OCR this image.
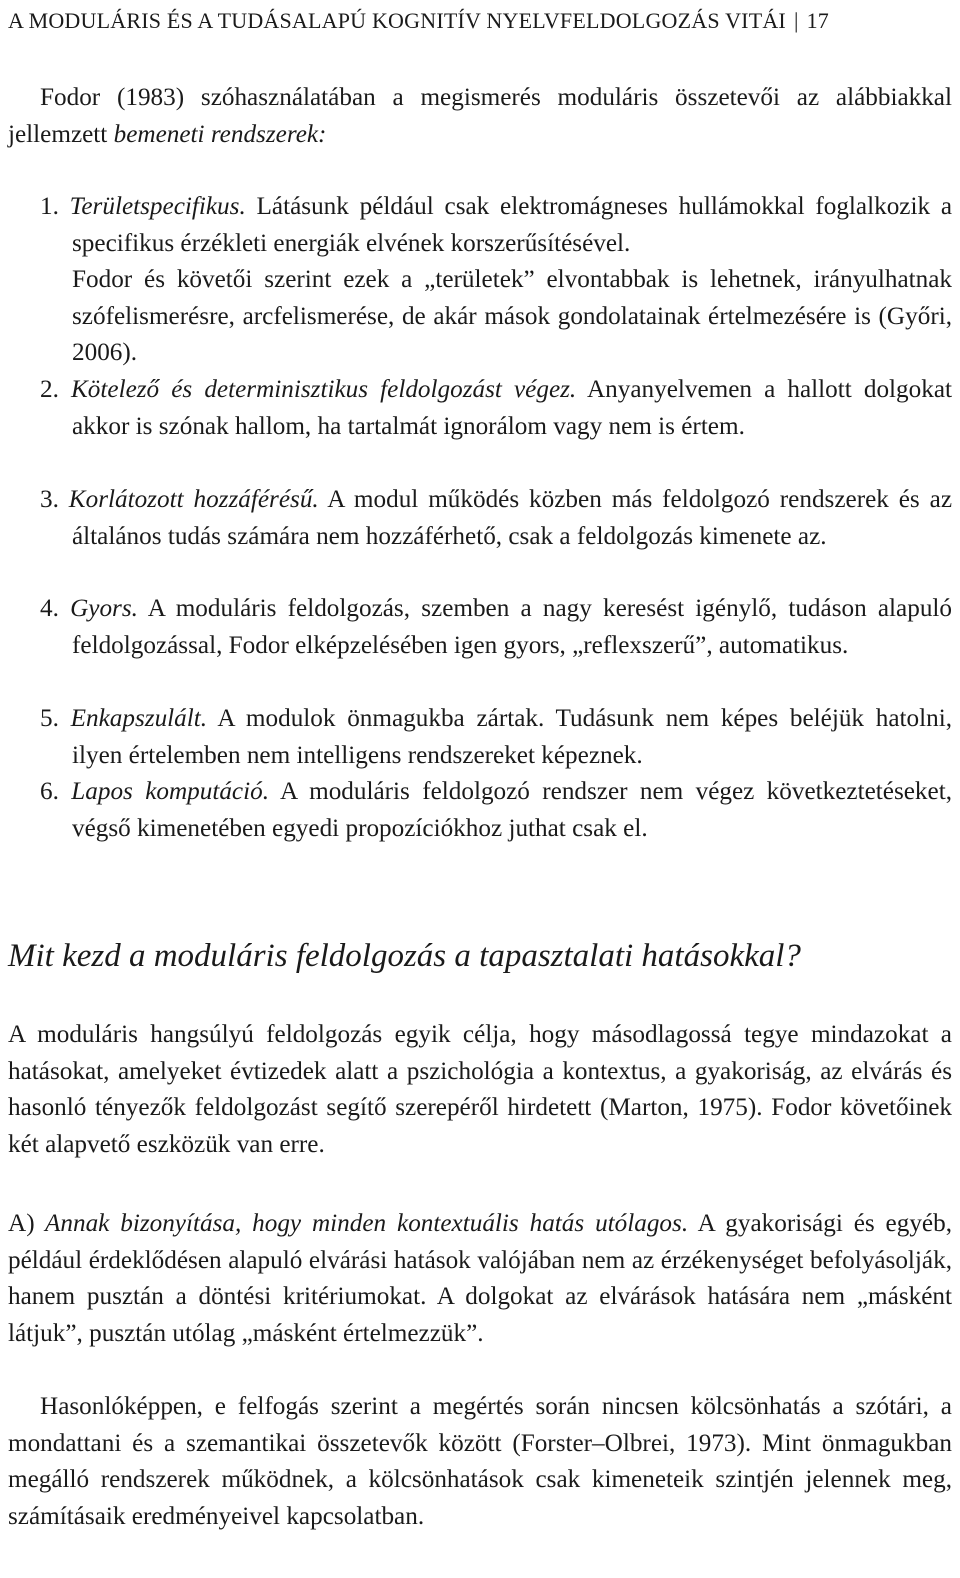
A MODULÁRIS ÉS A TUDÁSALAPÚ KOGNITÍV NYELVFELDOLGOZÁS VITÁI | 17
Fodor (1983) szóhasználatában a megismerés moduláris összetevői az alábbiakkal jellemzett bemeneti rendszerek:
1. Területspecifikus. Látásunk például csak elektromágneses hullámokkal foglalkozik a specifikus érzékleti energiák elvének korszerűsítésével.
Fodor és követői szerint ezek a „területek” elvontabbak is lehetnek, irányulhatnak szófelismerésre, arcfelismerése, de akár mások gondolatainak értelmezésére is (Győri, 2006).
2. Kötelező és determinisztikus feldolgozást végez. Anyanyelvemen a hallott dolgokat akkor is szónak hallom, ha tartalmát ignorálom vagy nem is értem.
3. Korlátozott hozzáférésű. A modul működés közben más feldolgozó rendszerek és az általános tudás számára nem hozzáférhető, csak a feldolgozás kimenete az.
4. Gyors. A moduláris feldolgozás, szemben a nagy keresést igénylő, tudáson alapuló feldolgozással, Fodor elképzelésében igen gyors, „reflexszerű”, automatikus.
5. Enkapszulált. A modulok önmagukba zártak. Tudásunk nem képes beléjük hatolni, ilyen értelemben nem intelligens rendszereket képeznek.
6. Lapos komputáció. A moduláris feldolgozó rendszer nem végez következtetéseket, végső kimenetében egyedi propozíciókhoz juthat csak el.
Mit kezd a moduláris feldolgozás a tapasztalati hatásokkal?
A moduláris hangsúlyú feldolgozás egyik célja, hogy másodlagossá tegye mindazokat a hatásokat, amelyeket évtizedek alatt a pszichológia a kontextus, a gyakoriság, az elvárás és hasonló tényezők feldolgozást segítő szerepéről hirdetett (Marton, 1975). Fodor követőinek két alapvető eszközük van erre.
A) Annak bizonyítása, hogy minden kontextuális hatás utólagos. A gyakorisági és egyéb, például érdeklődésen alapuló elvárási hatások valójában nem az érzékenységet befolyásolják, hanem pusztán a döntési kritériumokat. A dolgokat az elvárások hatására nem „másként látjuk”, pusztán utólag „másként értelmezzük”.
Hasonlóképpen, e felfogás szerint a megértés során nincsen kölcsönhatás a szótári, a mondattani és a szemantikai összetevők között (Forster–Olbrei, 1973). Mint önmagukban megálló rendszerek működnek, a kölcsönhatások csak kimeneteik szintjén jelennek meg, számításaik eredményeivel kapcsolatban.
